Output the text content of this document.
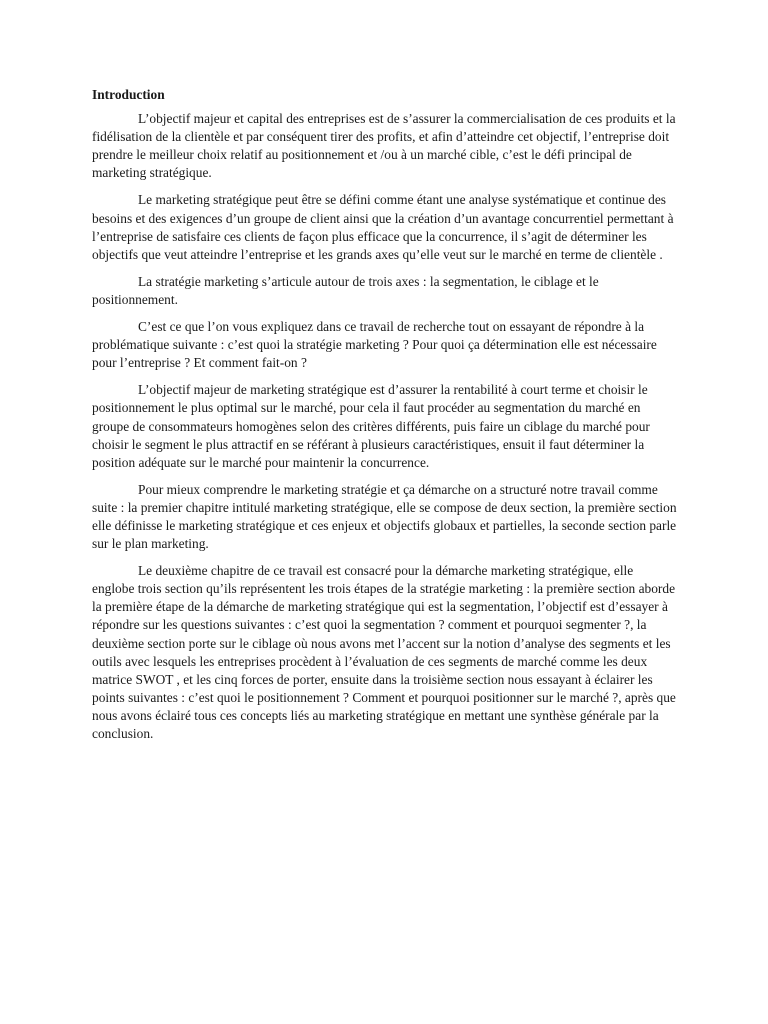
Introduction

L’objectif majeur et capital des entreprises est de s’assurer la commercialisation de ces produits et la fidélisation de la clientèle et par conséquent tirer des profits, et afin d’atteindre cet objectif, l’entreprise doit prendre le meilleur choix relatif au positionnement et /ou à un marché cible, c’est le défi principal de marketing stratégique.

Le marketing stratégique peut être se défini comme étant une analyse systématique et continue des besoins et des exigences d’un groupe de client ainsi que la création d’un avantage concurrentiel permettant à l’entreprise de satisfaire ces clients de façon plus efficace que la concurrence, il s’agit de déterminer les objectifs que veut atteindre l’entreprise et les grands axes qu’elle veut sur le marché en terme de clientèle .

La stratégie marketing s’articule autour de trois axes : la segmentation, le ciblage et le positionnement.

C’est ce que l’on vous expliquez dans ce travail de recherche tout on essayant de répondre à la problématique suivante : c’est quoi la stratégie marketing ? Pour quoi ça détermination elle est nécessaire pour l’entreprise ? Et comment fait-on ?

L’objectif majeur de marketing stratégique est d’assurer la rentabilité à court terme et choisir le positionnement le plus optimal sur le marché, pour cela il faut procéder au segmentation du marché en groupe de consommateurs homogènes selon des critères différents, puis faire un ciblage du marché pour choisir le segment le plus attractif en se référant à plusieurs caractéristiques, ensuit il faut déterminer la position adéquate sur le marché pour maintenir la concurrence.

Pour mieux comprendre le marketing stratégie et ça démarche on a structuré notre travail comme suite : la premier chapitre intitulé marketing stratégique, elle se compose de deux section, la première section elle définisse le marketing stratégique et ces enjeux et objectifs globaux et partielles, la seconde section parle sur le plan marketing.

Le deuxième chapitre de ce travail est consacré pour la démarche marketing stratégique, elle englobe trois section qu’ils représentent les trois étapes de la stratégie marketing : la première section aborde la première étape de la démarche de marketing stratégique qui est la segmentation, l’objectif est d’essayer à répondre sur les questions suivantes : c’est quoi la segmentation ? comment et pourquoi segmenter ?, la deuxième section porte sur le ciblage où nous avons met l’accent sur la notion d’analyse des segments et les outils avec lesquels les entreprises procèdent à l’évaluation de ces segments de marché comme les deux matrice SWOT , et les cinq forces de porter, ensuite dans la troisième section nous essayant à éclairer les points suivantes : c’est quoi le positionnement ? Comment et pourquoi positionner sur le marché ?, après que nous avons éclairé tous ces concepts liés au marketing stratégique en mettant une synthèse générale par la conclusion.
